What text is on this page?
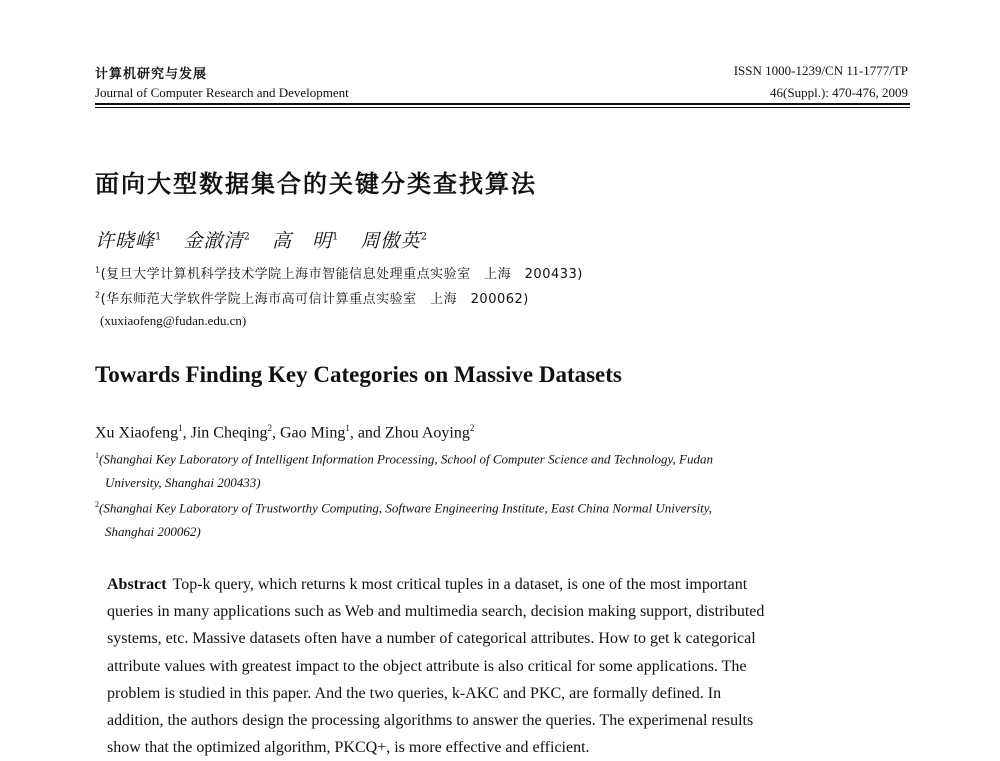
计算机研究与发展
Journal of Computer Research and Development
ISSN 1000-1239/CN 11-1777/TP
46(Suppl.): 470-476, 2009
面向大型数据集合的关键分类查找算法
许晓峰$^1$ 金澈清$^2$ 高　明$^1$ 周傲英$^2$
$^1$(复旦大学计算机科学技术学院上海市智能信息处理重点实验室　上海　200433)
$^2$(华东师范大学软件学院上海市高可信计算重点实验室　上海　200062)
(xuxiaofeng@fudan.edu.cn)
Towards Finding Key Categories on Massive Datasets
Xu Xiaofeng$^1$, Jin Cheqing$^2$, Gao Ming$^1$, and Zhou Aoying$^2$
$^1$(Shanghai Key Laboratory of Intelligent Information Processing, School of Computer Science and Technology, Fudan
University, Shanghai 200433)
$^2$(Shanghai Key Laboratory of Trustworthy Computing, Software Engineering Institute, East China Normal University,
Shanghai 200062)
Abstract Top-k query, which returns k most critical tuples in a dataset, is one of the most important
queries in many applications such as Web and multimedia search, decision making support, distributed
systems, etc. Massive datasets often have a number of categorical attributes. How to get k categorical
attribute values with greatest impact to the object attribute is also critical for some applications. The
problem is studied in this paper. And the two queries, k-AKC and PKC, are formally defined. In
addition, the authors design the processing algorithms to answer the queries. The experimenal results
show that the optimized algorithm, PKCQ+, is more effective and efficient.
